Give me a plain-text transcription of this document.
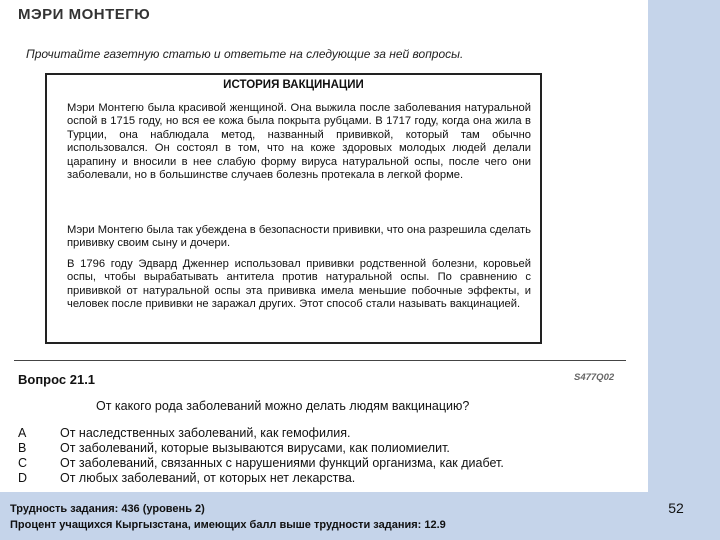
МЭРИ МОНТЕГЮ
Прочитайте газетную статью и ответьте на следующие за ней вопросы.
ИСТОРИЯ ВАКЦИНАЦИИ
Мэри Монтегю была красивой женщиной. Она выжила после заболевания натуральной оспой в 1715 году, но вся ее кожа была покрыта рубцами. В 1717 году, когда она жила в Турции, она наблюдала метод, названный прививкой, который там обычно использовался. Он состоял в том, что на коже здоровых молодых людей делали царапину и вносили в нее слабую форму вируса натуральной оспы, после чего они заболевали, но в большинстве случаев болезнь протекала в легкой форме.
Мэри Монтегю была так убеждена в безопасности прививки, что она разрешила сделать прививку своим сыну и дочери.
В 1796 году Эдвард Дженнер использовал прививки родственной болезни, коровьей оспы, чтобы вырабатывать антитела против натуральной оспы. По сравнению с прививкой от натуральной оспы эта прививка имела меньшие побочные эффекты, и человек после прививки не заражал других. Этот способ стали называть вакцинацией.
Вопрос 21.1	S477Q02
От какого рода заболеваний можно делать людям вакцинацию?
A	От наследственных заболеваний, как гемофилия.
B	От заболеваний, которые вызываются вирусами, как полиомиелит.
C	От заболеваний, связанных с нарушениями функций организма, как диабет.
D	От любых заболеваний, от которых нет лекарства.
Трудность задания: 436 (уровень 2)
Процент учащихся Кыргызстана, имеющих балл выше трудности задания: 12.9
52
